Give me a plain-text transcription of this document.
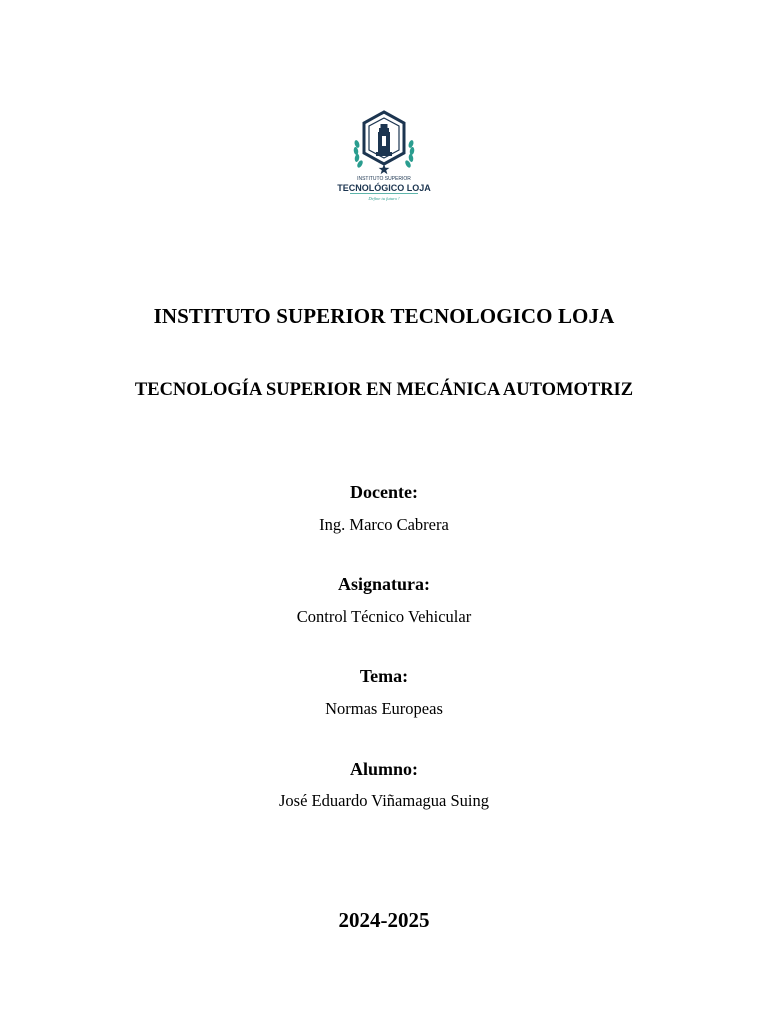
INSTITUTO SUPERIOR
TECNOLÓGICO LOJA
Define tu futuro !
INSTITUTO SUPERIOR TECNOLOGICO LOJA
TECNOLOGÍA SUPERIOR EN MECÁNICA AUTOMOTRIZ
Docente:
Ing. Marco Cabrera
Asignatura:
Control Técnico Vehicular
Tema:
Normas Europeas
Alumno:
José Eduardo Viñamagua Suing
2024-2025
